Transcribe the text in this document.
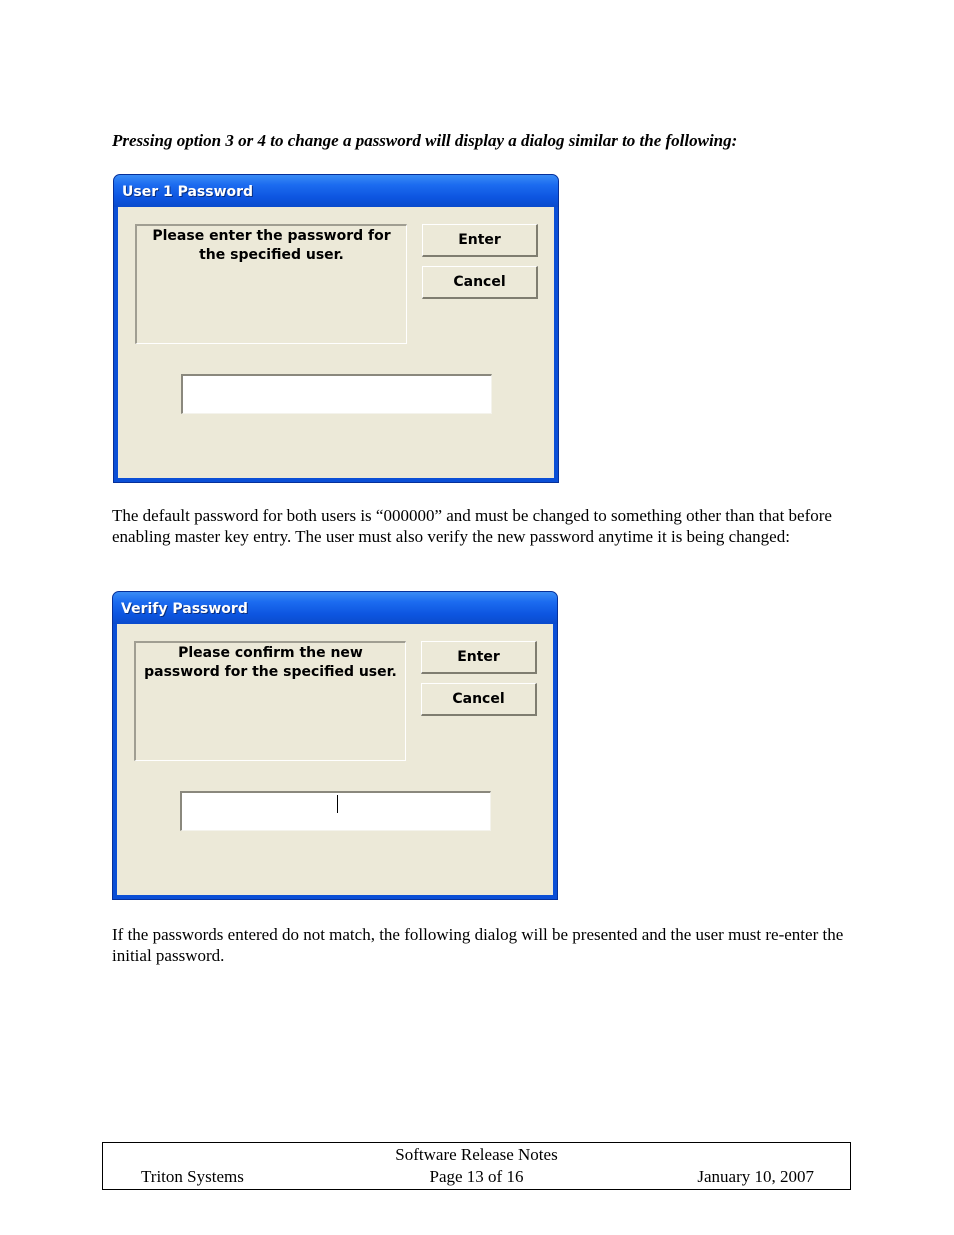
Pressing option 3 or 4 to change a password will display a dialog similar to the following:

User 1 Password
Please enter the password for the specified user.
Enter
Cancel

The default password for both users is “000000” and must be changed to something other than that before enabling master key entry. The user must also verify the new password anytime it is being changed:

Verify Password
Please confirm the new password for the specified user.
Enter
Cancel

If the passwords entered do not match, the following dialog will be presented and the user must re-enter the initial password.

Software Release Notes
Triton Systems	Page 13 of 16	January 10, 2007
